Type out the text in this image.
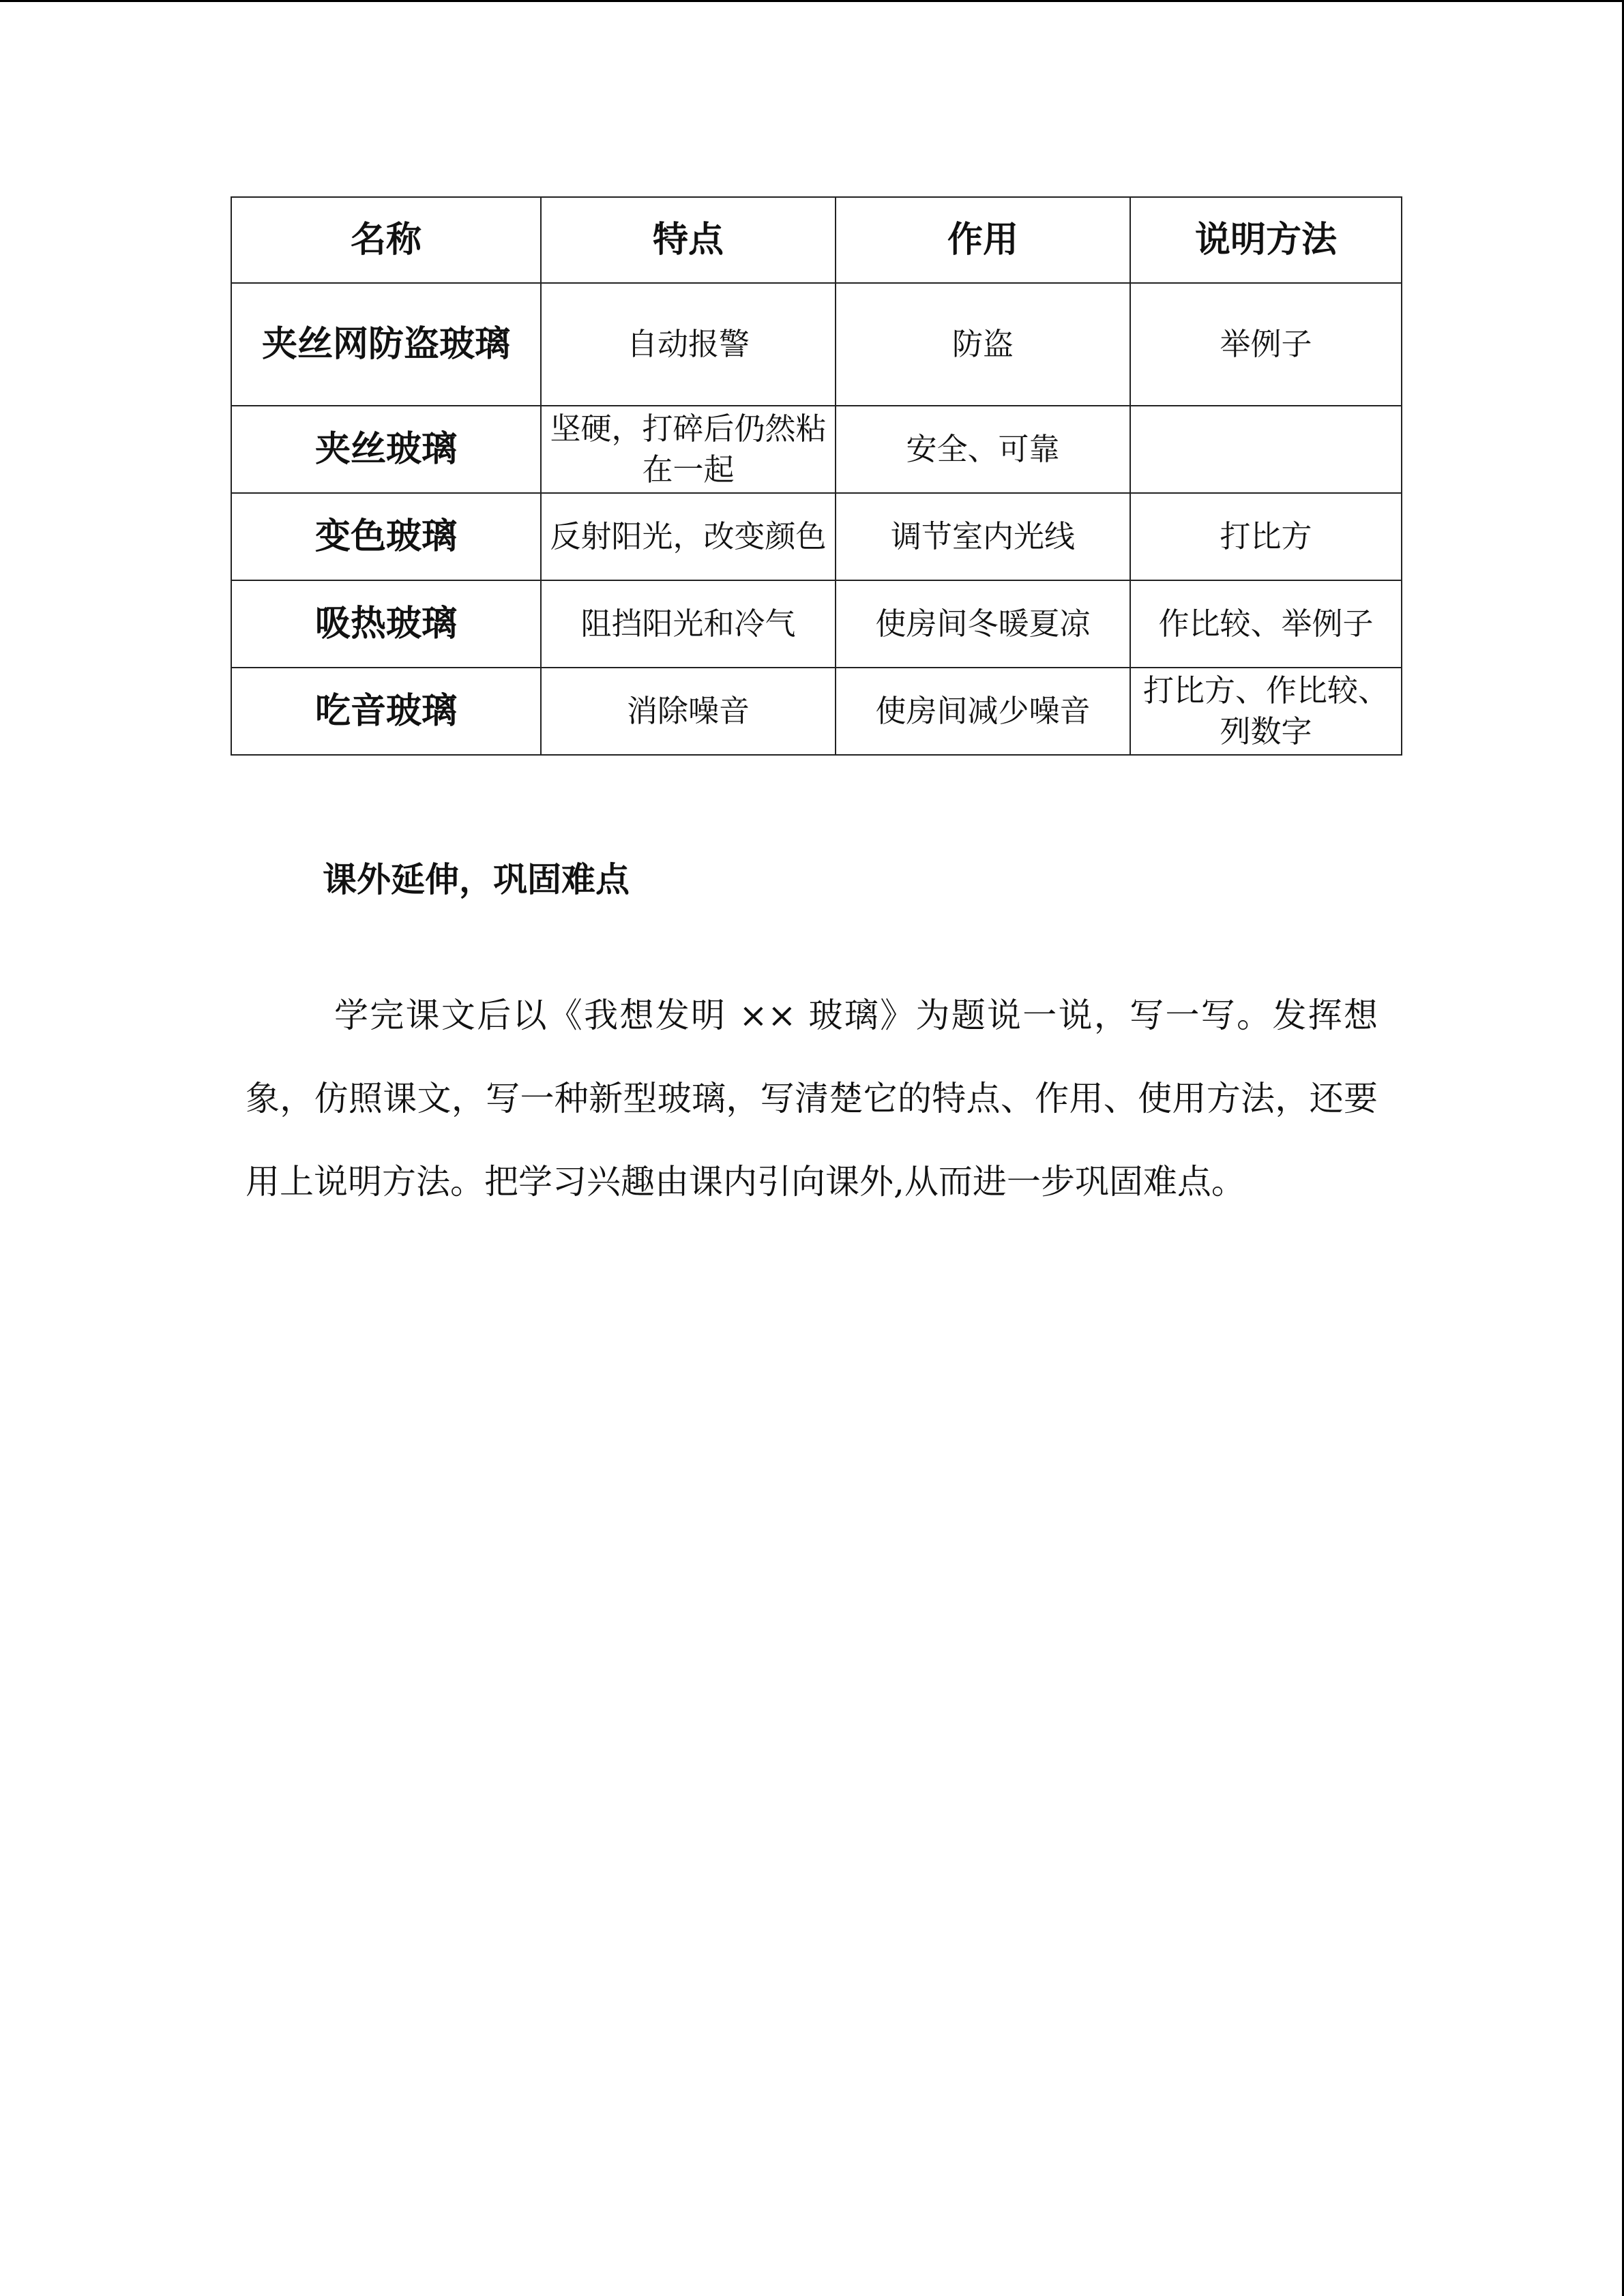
名称	特点	作用	说明方法
夹丝网防盗玻璃	自动报警	防盗	举例子
夹丝玻璃	坚硬，打碎后仍然粘在一起	安全、可靠	
变色玻璃	反射阳光，改变颜色	调节室内光线	打比方
吸热玻璃	阻挡阳光和冷气	使房间冬暖夏凉	作比较、举例子
吃音玻璃	消除噪音	使房间减少噪音	打比方、作比较、列数字
课外延伸，巩固难点

学完课文后以《我想发明 ×× 玻璃》为题说一说，写一写。发挥想象，仿照课文，写一种新型玻璃，写清楚它的特点、作用、使用方法，还要用上说明方法。把学习兴趣由课内引向课外,从而进一步巩固难点。
